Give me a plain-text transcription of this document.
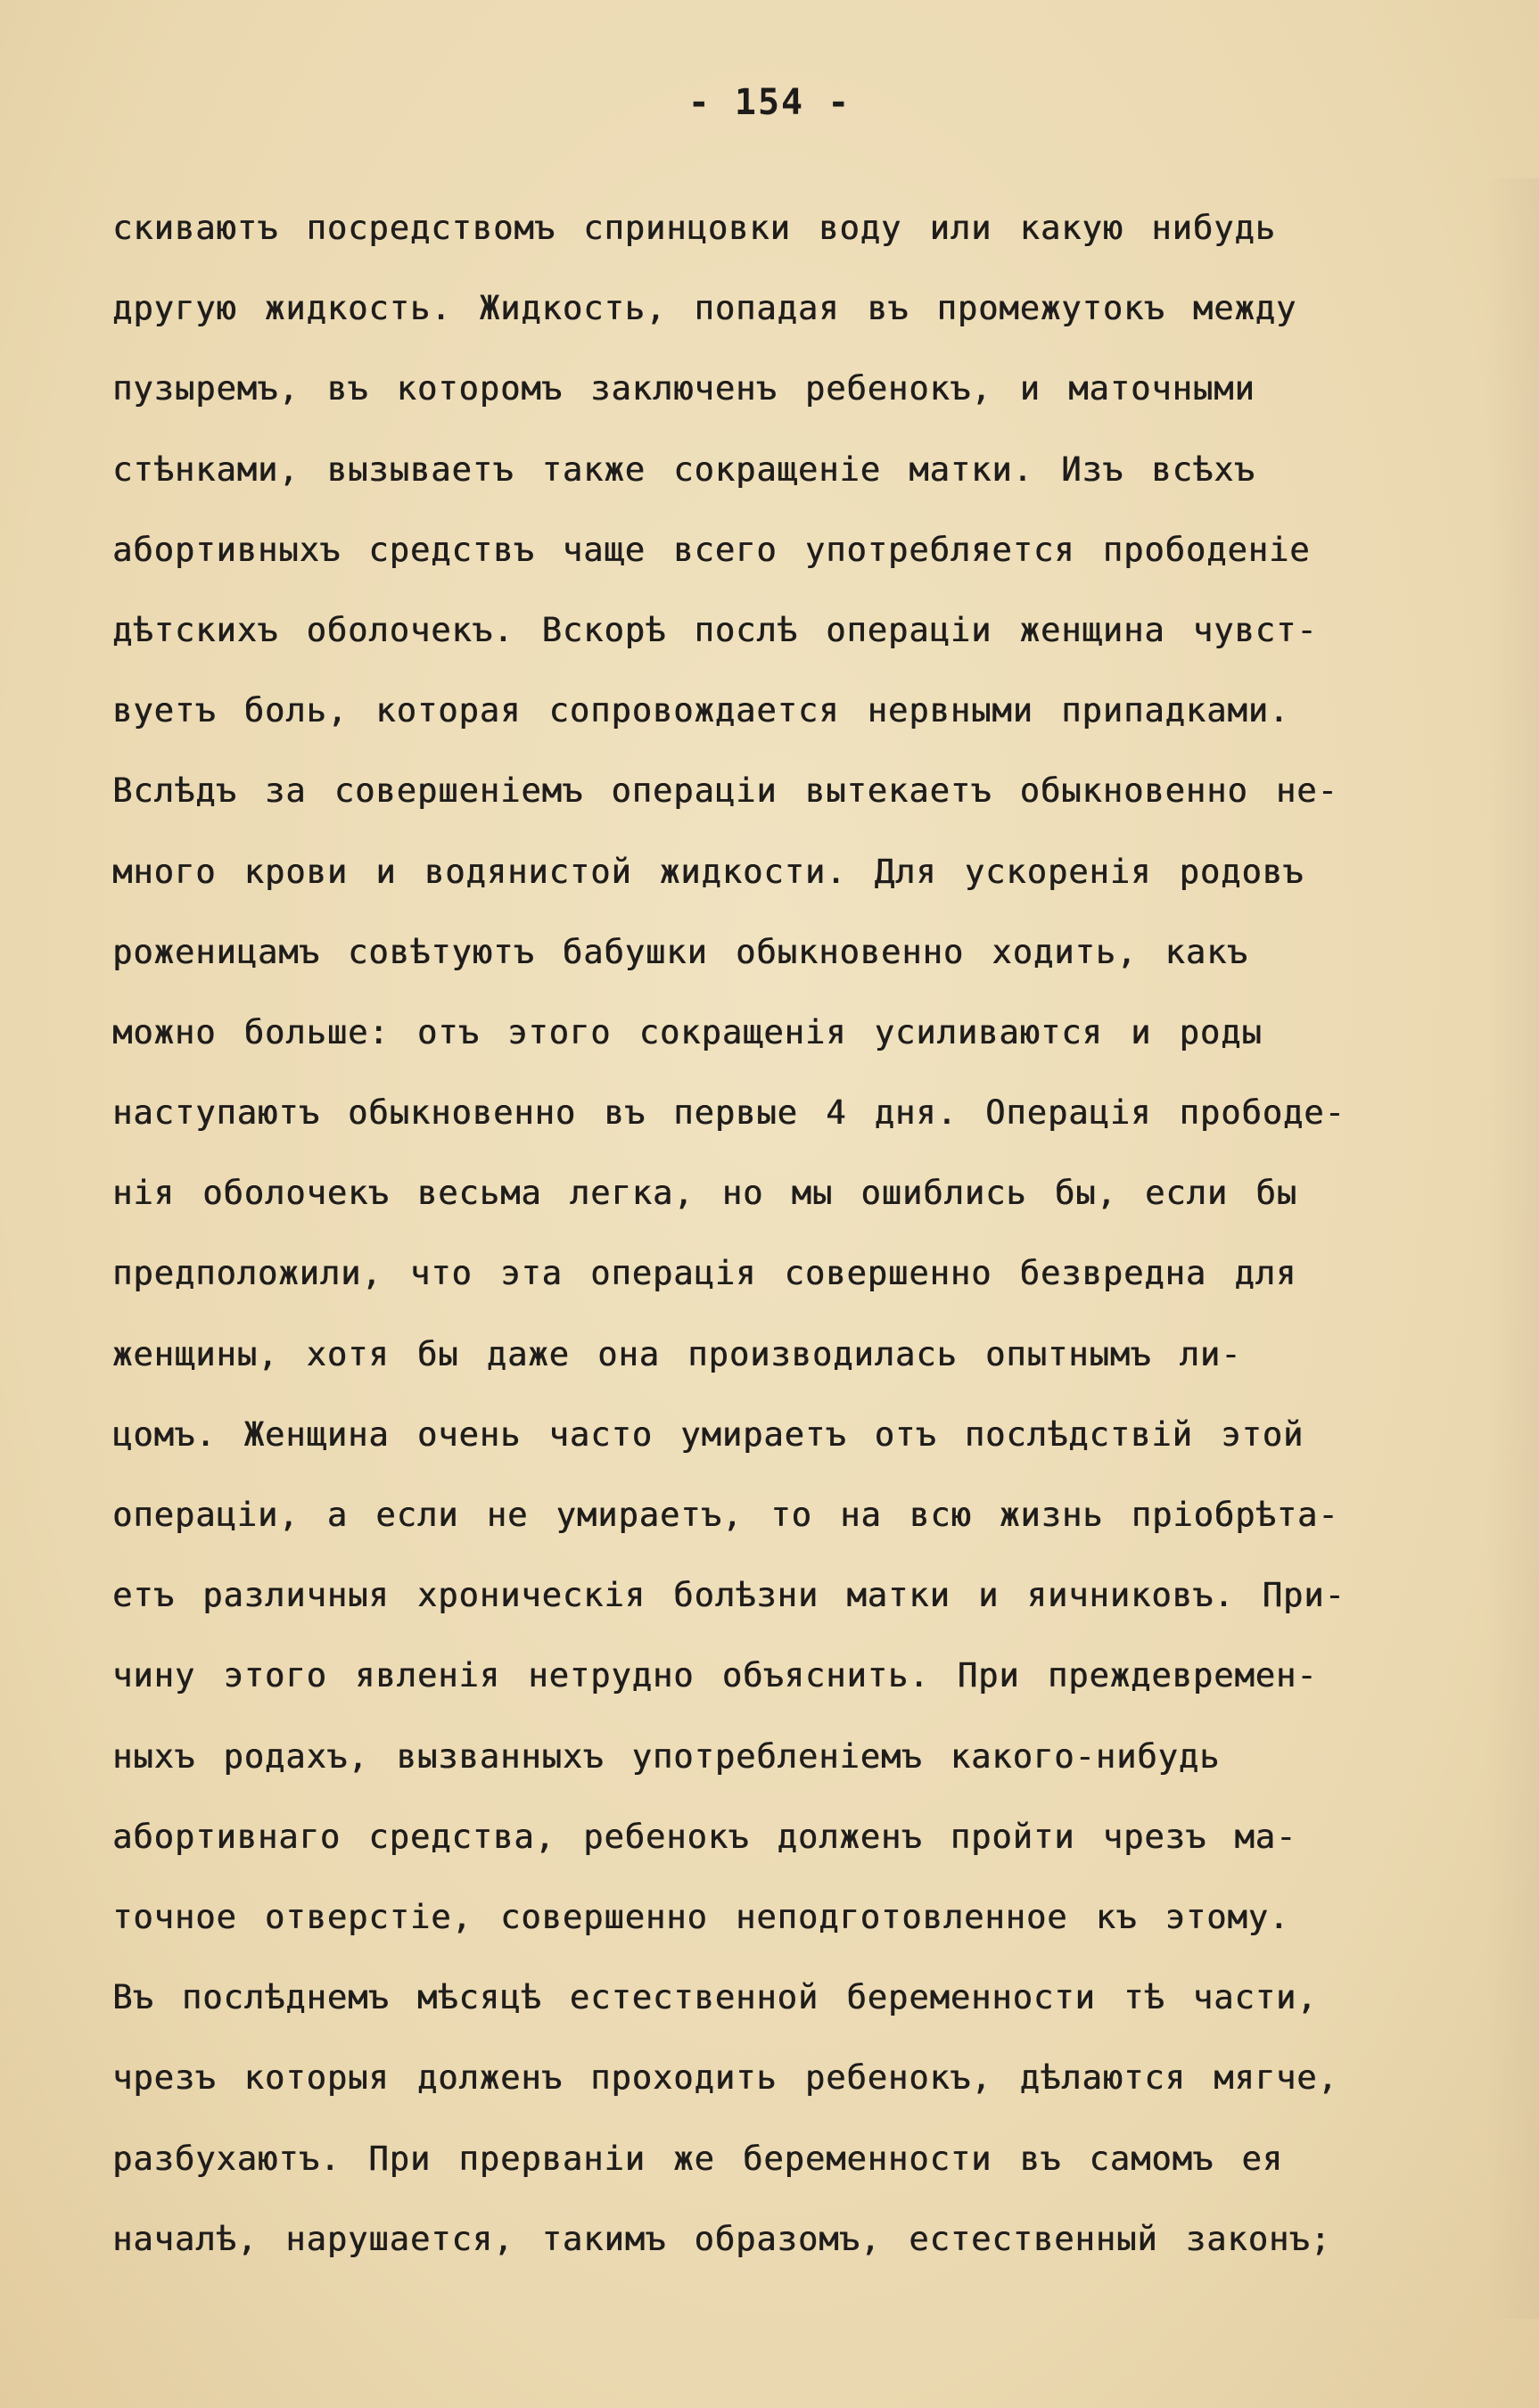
- 154 -
скиваютъ посредствомъ спринцовки воду или какую нибудь
другую жидкость. Жидкость, попадая въ промежутокъ между
пузыремъ, въ которомъ заключенъ ребенокъ, и маточными
стѣнками, вызываетъ также сокращеніе матки. Изъ всѣхъ
абортивныхъ средствъ чаще всего употребляется прободеніе
дѣтскихъ оболочекъ. Вскорѣ послѣ операціи женщина чувст-
вуетъ боль, которая сопровождается нервными припадками.
Вслѣдъ за совершеніемъ операціи вытекаетъ обыкновенно не-
много крови и водянистой жидкости. Для ускоренія родовъ
роженицамъ совѣтуютъ бабушки обыкновенно ходить, какъ
можно больше: отъ этого сокращенія усиливаются и роды
наступаютъ обыкновенно въ первые 4 дня. Операція прободе-
нія оболочекъ весьма легка, но мы ошиблись бы, если бы
предположили, что эта операція совершенно безвредна для
женщины, хотя бы даже она производилась опытнымъ ли-
цомъ. Женщина очень часто умираетъ отъ послѣдствій этой
операціи, а если не умираетъ, то на всю жизнь пріобрѣта-
етъ различныя хроническія болѣзни матки и яичниковъ. При-
чину этого явленія нетрудно объяснить. При преждевремен-
ныхъ родахъ, вызванныхъ употребленіемъ какого-нибудь
абортивнаго средства, ребенокъ долженъ пройти чрезъ ма-
точное отверстіе, совершенно неподготовленное къ этому.
Въ послѣднемъ мѣсяцѣ естественной беременности тѣ части,
чрезъ которыя долженъ проходить ребенокъ, дѣлаются мягче,
разбухаютъ. При прерваніи же беременности въ самомъ ея
началѣ, нарушается, такимъ образомъ, естественный законъ;
